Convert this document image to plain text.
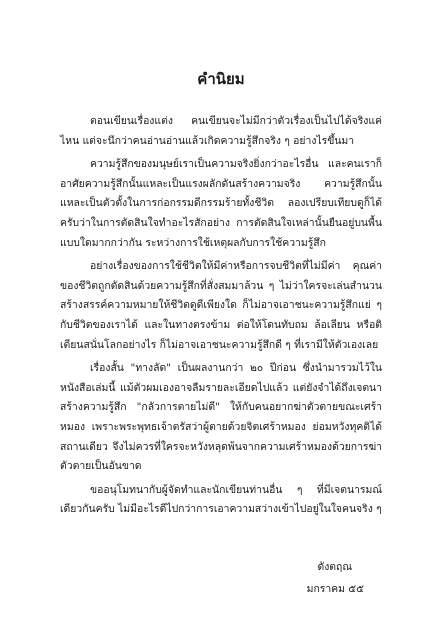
คำนิยม

ตอนเขียนเรื่องแต่ง คนเขียนจะไม่มีกว่าตัวเรื่องเป็นไปได้จริงแค่ไหน แต่จะนึกว่าคนอ่านอ่านแล้วเกิดความรู้สึกจริง ๆ อย่างไรขึ้นมา

ความรู้สึกของมนุษย์เราเป็นความจริงยิ่งกว่าอะไรอื่น และคนเราก็อาศัยความรู้สึกนั้นแหละเป็นแรงผลักดันสร้างความจริง ความรู้สึกนั้นแหละเป็นตัวตั้งในการก่อกรรมดีกรรมร้ายทั้งชีวิต ลองเปรียบเทียบดูก็ได้ครับว่าในการตัดสินใจทำอะไรสักอย่าง การตัดสินใจเหล่านั้นยืนอยู่บนพื้นแบบใดมากกว่ากัน ระหว่างการใช้เหตุผลกับการใช้ความรู้สึก

อย่างเรื่องของการใช้ชีวิตให้มีค่าหรือการจบชีวิตที่ไม่มีค่า คุณค่าของชีวิตถูกตัดสินด้วยความรู้สึกที่สั่งสมมาล้วน ๆ ไม่ว่าใครจะเล่นสำนวนสร้างสรรค์ความหมายให้ชีวิตดูดีเพียงใด ก็ไม่อาจเอาชนะความรู้สึกแย่ ๆ กับชีวิตของเราได้ และในทางตรงข้าม ต่อให้โดนทับถม ล้อเลียน หรือติเตียนสนั่นโลกอย่างไร ก็ไม่อาจเอาชนะความรู้สึกดี ๆ ที่เรามีให้ตัวเองเลย

เรื่องสั้น "ทางลัด" เป็นผลงานกว่า ๒๐ ปีก่อน ซึ่งนำมารวมไว้ในหนังสือเล่มนี้ แม้ตัวผมเองอาจลืมรายละเอียดไปแล้ว แต่ยังจำได้ถึงเจตนาสร้างความรู้สึก "กลัวการตายไม่ดี" ให้กับคนอยากฆ่าตัวตายขณะเศร้าหมอง เพราะพระพุทธเจ้าตรัสว่าผู้ตายด้วยจิตเศร้าหมอง ย่อมหวังทุคติได้สถานเดียว จึงไม่ควรที่ใครจะหวังหลุดพ้นจากความเศร้าหมองด้วยการฆ่าตัวตายเป็นอันขาด

ขออนุโมทนากับผู้จัดทำและนักเขียนท่านอื่น ๆ ที่มีเจตนารมณ์เดียวกันครับ ไม่มีอะไรดีไปกว่าการเอาความสว่างเข้าไปอยู่ในใจคนจริง ๆ

ดังตฤณ
มกราคม ๕๕
